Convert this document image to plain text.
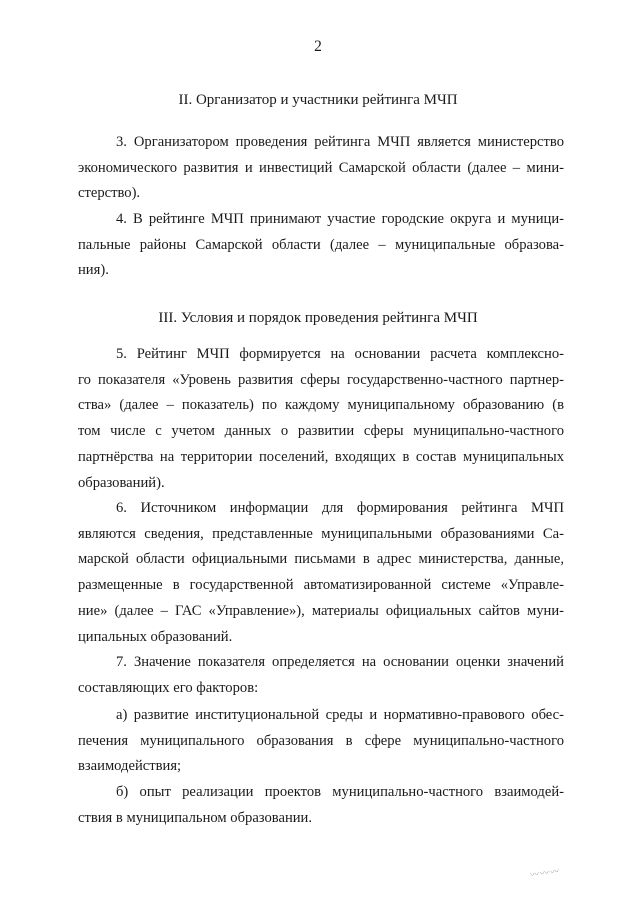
2
II. Организатор и участники рейтинга МЧП
3. Организатором проведения рейтинга МЧП является министерство
экономического развития и инвестиций Самарской области (далее – мини-
стерство).
4. В рейтинге МЧП принимают участие городские округа и муници-
пальные районы Самарской области (далее – муниципальные образова-
ния).
III. Условия и порядок проведения рейтинга МЧП
5. Рейтинг МЧП формируется на основании расчета комплексно-
го показателя «Уровень развития сферы государственно-частного партнер-
ства» (далее – показатель) по каждому муниципальному образованию (в
том числе с учетом данных о развитии сферы муниципально-частного
партнёрства на территории поселений, входящих в состав муниципальных
образований).
6. Источником информации для формирования рейтинга МЧП
являются сведения, представленные муниципальными образованиями Са-
марской области официальными письмами в адрес министерства, данные,
размещенные в государственной автоматизированной системе «Управле-
ние» (далее – ГАС «Управление»), материалы официальных сайтов муни-
ципальных образований.
7. Значение показателя определяется на основании оценки значений
составляющих его факторов:
а) развитие институциональной среды и нормативно-правового обес-
печения муниципального образования в сфере муниципально-частного
взаимодействия;
б) опыт реализации проектов муниципально-частного взаимодей-
ствия в муниципальном образовании.
〰〰〰
